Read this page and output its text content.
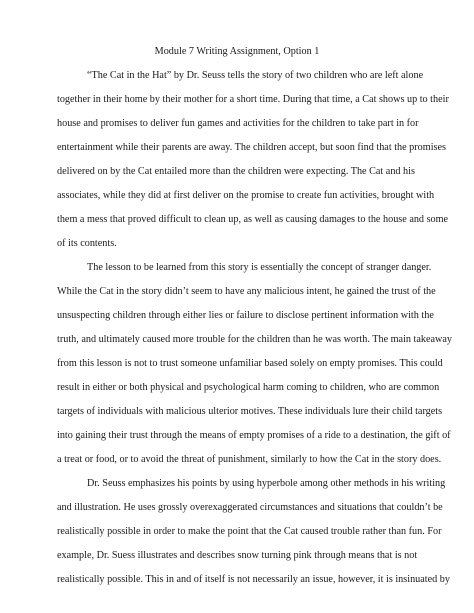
Module 7 Writing Assignment, Option 1
“The Cat in the Hat” by Dr. Seuss tells the story of two children who are left alone
together in their home by their mother for a short time. During that time, a Cat shows up to their
house and promises to deliver fun games and activities for the children to take part in for
entertainment while their parents are away. The children accept, but soon find that the promises
delivered on by the Cat entailed more than the children were expecting. The Cat and his
associates, while they did at first deliver on the promise to create fun activities, brought with
them a mess that proved difficult to clean up, as well as causing damages to the house and some
of its contents.
The lesson to be learned from this story is essentially the concept of stranger danger.
While the Cat in the story didn’t seem to have any malicious intent, he gained the trust of the
unsuspecting children through either lies or failure to disclose pertinent information with the
truth, and ultimately caused more trouble for the children than he was worth. The main takeaway
from this lesson is not to trust someone unfamiliar based solely on empty promises. This could
result in either or both physical and psychological harm coming to children, who are common
targets of individuals with malicious ulterior motives. These individuals lure their child targets
into gaining their trust through the means of empty promises of a ride to a destination, the gift of
a treat or food, or to avoid the threat of punishment, similarly to how the Cat in the story does.
Dr. Seuss emphasizes his points by using hyperbole among other methods in his writing
and illustration. He uses grossly overexaggerated circumstances and situations that couldn’t be
realistically possible in order to make the point that the Cat caused trouble rather than fun. For
example, Dr. Suess illustrates and describes snow turning pink through means that is not
realistically possible. This in and of itself is not necessarily an issue, however, it is insinuated by
